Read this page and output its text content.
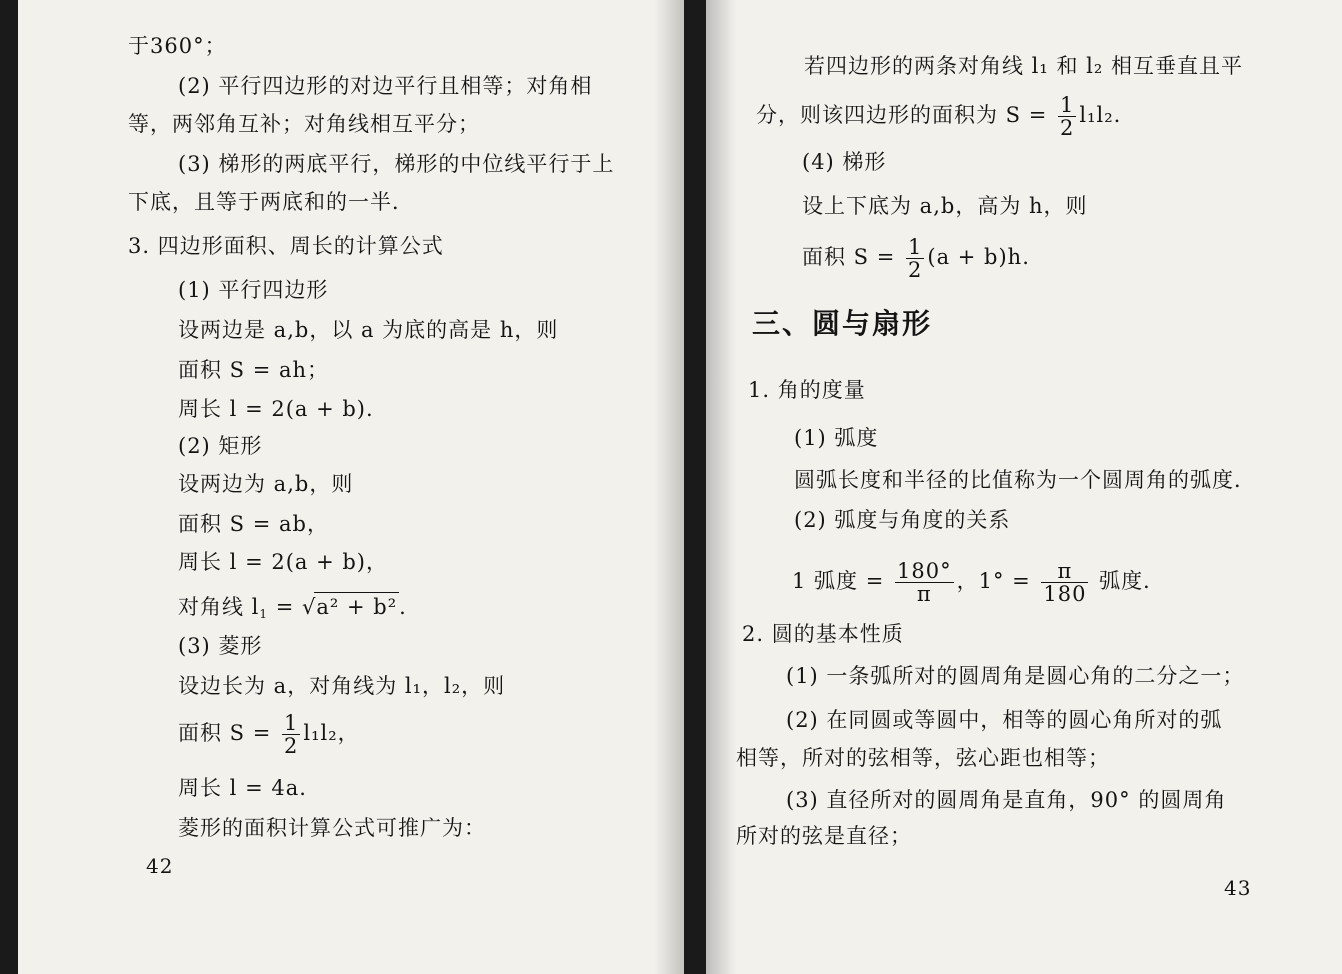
于360°；
(2) 平行四边形的对边平行且相等；对角相
等，两邻角互补；对角线相互平分；
(3) 梯形的两底平行，梯形的中位线平行于上
下底，且等于两底和的一半．
3. 四边形面积、周长的计算公式
(1) 平行四边形
设两边是 a,b，以 a 为底的高是 h，则
面积 S = ah；
周长 l = 2(a + b).
(2) 矩形
设两边为 a,b，则
面积 S = ab，
周长 l = 2(a + b)，
对角线 $l_1 = √a^2 + b^2$.
(3) 菱形
设边长为 a，对角线为 l₁，l₂，则
面积 $S = \frac{1}{2} l_1l_2$，
周长 l = 4a.
菱形的面积计算公式可推广为：
42
若四边形的两条对角线 l₁ 和 l₂ 相互垂直且平
分，则该四边形的面积为 $S = \frac{1}{2} l_1l_2$.
(4) 梯形
设上下底为 a,b，高为 h，则
面积 $S = \frac{1}{2} (a + b)h$.
三、圆与扇形
1. 角的度量
(1) 弧度
圆弧长度和半径的比值称为一个圆周角的弧度．
(2) 弧度与角度的关系
1 弧度 = $\frac{180^\circ}{\pi}$ ，$1^\circ = \frac{\pi}{180}$ 弧度．
2. 圆的基本性质
(1) 一条弧所对的圆周角是圆心角的二分之一；
(2) 在同圆或等圆中，相等的圆心角所对的弧
相等，所对的弦相等，弦心距也相等；
(3) 直径所对的圆周角是直角，90° 的圆周角
所对的弦是直径；
43
